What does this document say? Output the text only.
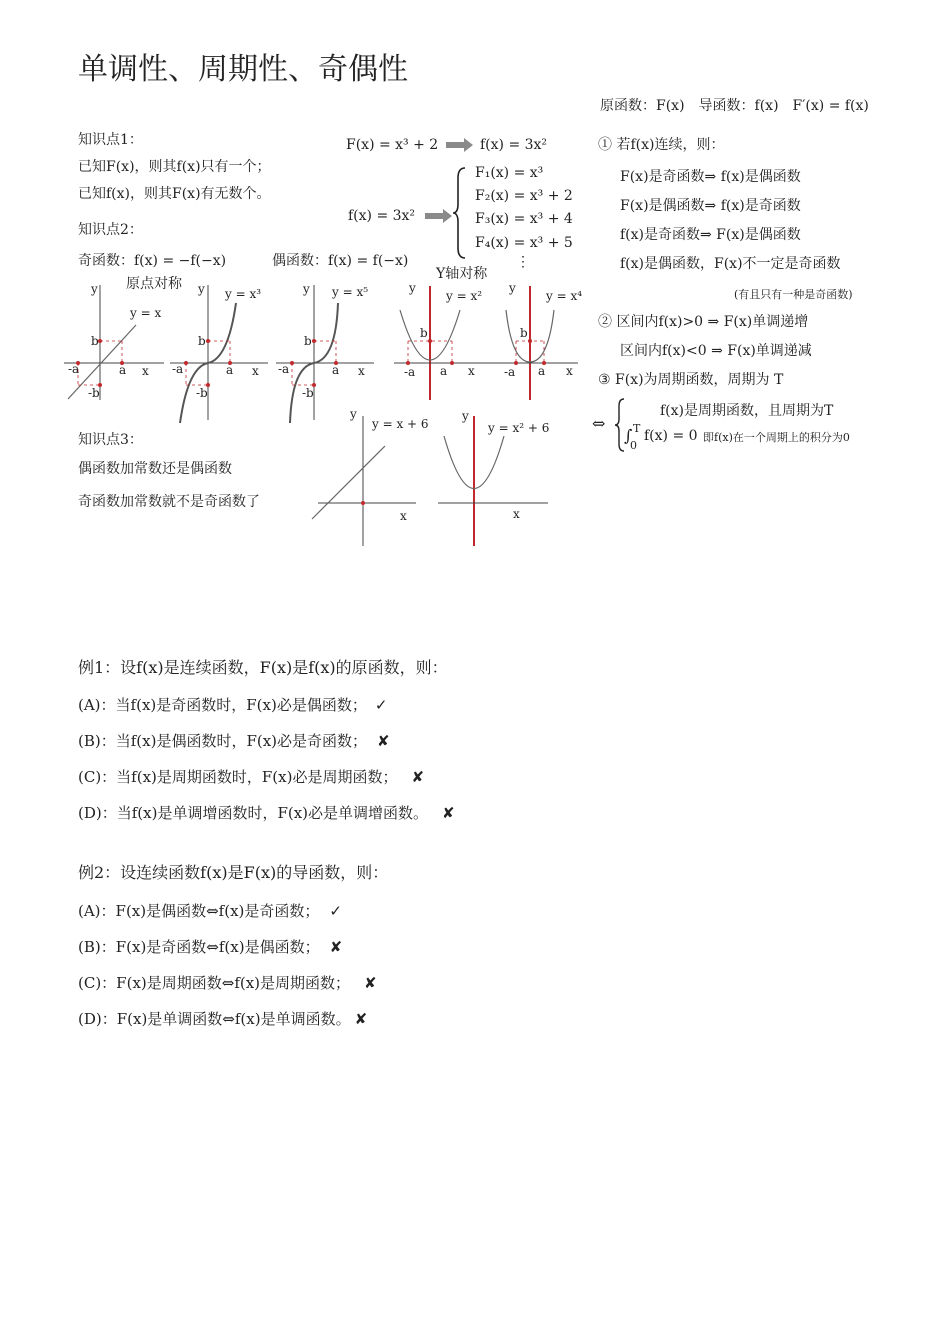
单调性、周期性、奇偶性
原函数：F(x)　导函数：f(x)　F′(x) = f(x)
知识点1：
已知F(x)，则其f(x)只有一个；
已知f(x)，则其F(x)有无数个。
知识点2：
奇函数：f(x) = −f(−x)	偶函数：f(x) = f(−x)
原点对称
Y轴对称
F(x) = x³ + 2	f(x) = 3x²
f(x) = 3x²
F₁(x) = x³
F₂(x) = x³ + 2
F₃(x) = x³ + 4
F₄(x) = x³ + 5
⋮
y
x
y = x
b
-a	a
-b
y
x
y = x³
b
-a	a
-b
y
x
y = x⁵
b
-a	a
-b
y
x
y = x²
b
-a a
y
x
y = x⁴
b
-a a
知识点3：
偶函数加常数还是偶函数
奇函数加常数就不是奇函数了
y
x
y = x + 6
y
x
y = x² + 6
① 若f(x)连续，则：
F(x)是奇函数⇒ f(x)是偶函数
F(x)是偶函数⇒ f(x)是奇函数
f(x)是奇函数⇒ F(x)是偶函数
f(x)是偶函数，F(x)不一定是奇函数
(有且只有一种是奇函数)
② 区间内f(x)>0 ⇒ F(x)单调递增
区间内f(x)<0 ⇒ F(x)单调递减
③ F(x)为周期函数，周期为 T
⇔
f(x)是周期函数，且周期为T
∫ T
0
f(x) = 0 即f(x)在一个周期上的积分为0
例1：设f(x)是连续函数，F(x)是f(x)的原函数，则：
(A)：当f(x)是奇函数时，F(x)必是偶函数； ✓
(B)：当f(x)是偶函数时，F(x)必是奇函数； ✘
(C)：当f(x)是周期函数时，F(x)必是周期函数； ✘
(D)：当f(x)是单调增函数时，F(x)必是单调增函数。 ✘
例2：设连续函数f(x)是F(x)的导函数，则：
(A)：F(x)是偶函数⇔f(x)是奇函数； ✓
(B)：F(x)是奇函数⇔f(x)是偶函数； ✘
(C)：F(x)是周期函数⇔f(x)是周期函数； ✘
(D)：F(x)是单调函数⇔f(x)是单调函数。 ✘
